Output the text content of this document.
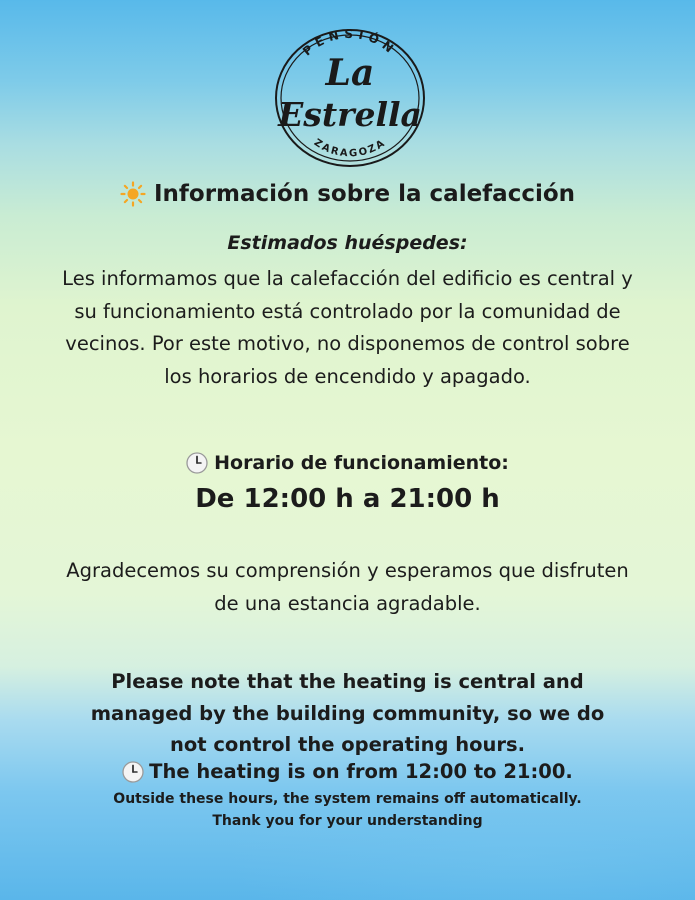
PENSIÓN
La
Estrella
ZARAGOZA
Información sobre la calefacción
Estimados huéspedes:
Les informamos que la calefacción del edificio es central y su funcionamiento está controlado por la comunidad de vecinos. Por este motivo, no disponemos de control sobre los horarios de encendido y apagado.
Horario de funcionamiento:
De 12:00 h a 21:00 h
Agradecemos su comprensión y esperamos que disfruten de una estancia agradable.
Please note that the heating is central and managed by the building community, so we do not control the operating hours.
The heating is on from 12:00 to 21:00.
Outside these hours, the system remains off automatically.
Thank you for your understanding
